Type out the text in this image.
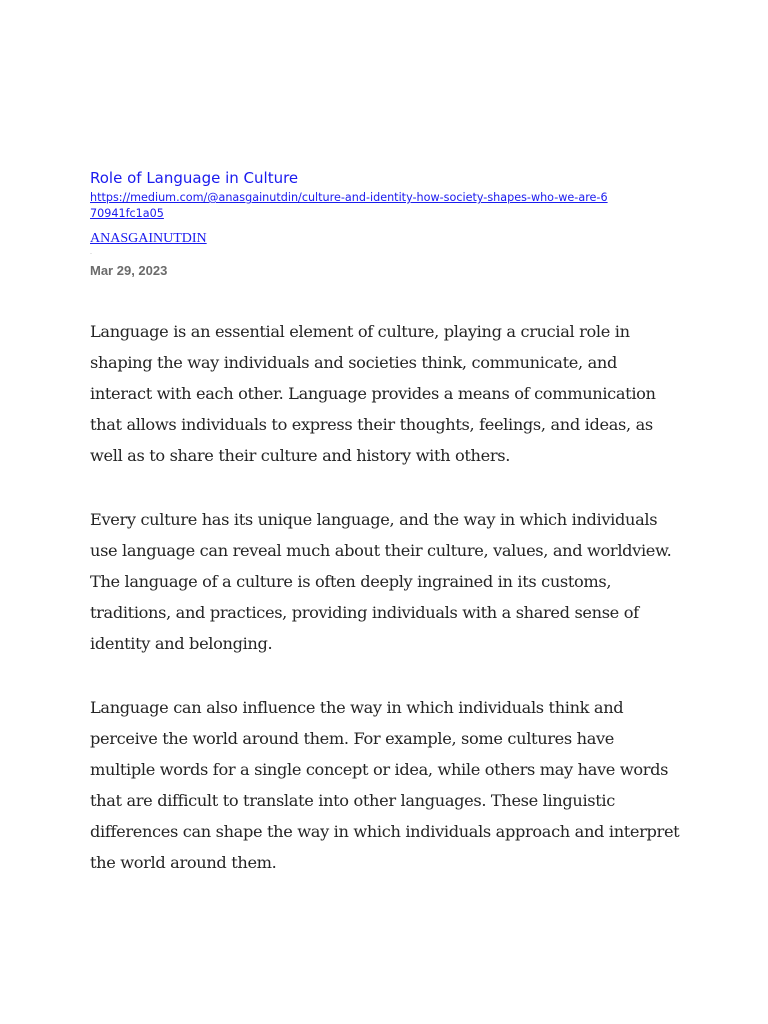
Role of Language in Culture
https://medium.com/@anasgainutdin/culture-and-identity-how-society-shapes-who-we-are-670941fc1a05
ANASGAINUTDIN
·
Mar 29, 2023

Language is an essential element of culture, playing a crucial role in shaping the way individuals and societies think, communicate, and interact with each other. Language provides a means of communication that allows individuals to express their thoughts, feelings, and ideas, as well as to share their culture and history with others.

Every culture has its unique language, and the way in which individuals use language can reveal much about their culture, values, and worldview. The language of a culture is often deeply ingrained in its customs, traditions, and practices, providing individuals with a shared sense of identity and belonging.

Language can also influence the way in which individuals think and perceive the world around them. For example, some cultures have multiple words for a single concept or idea, while others may have words that are difficult to translate into other languages. These linguistic differences can shape the way in which individuals approach and interpret the world around them.
